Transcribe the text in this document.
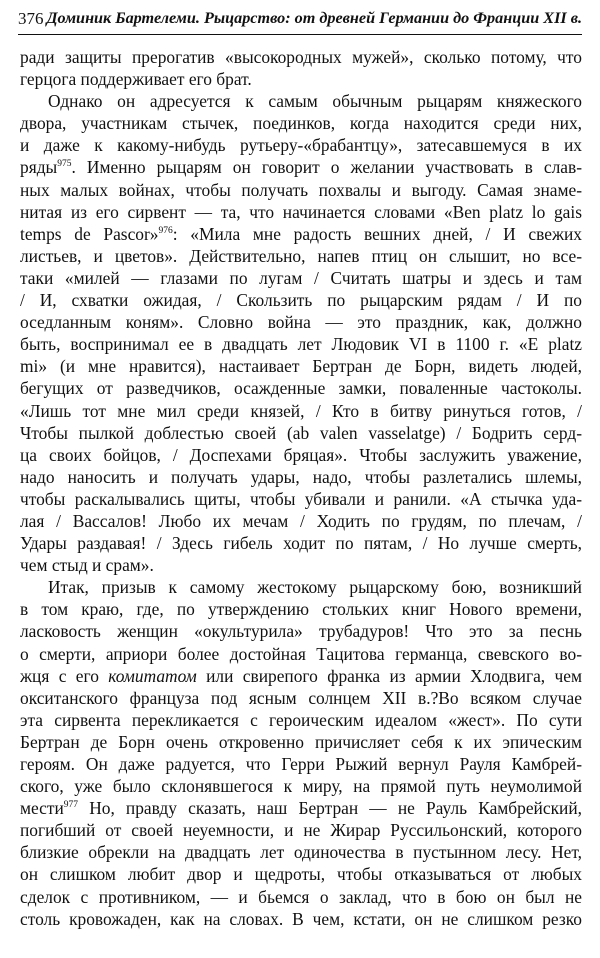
376 Доминик Бартелеми. Рыцарство: от древней Германии до Франции XII в.
ради защиты прерогатив «высокородных мужей», сколько потому, что
герцога поддерживает его брат.
Однако он адресуется к самым обычным рыцарям княжеского
двора, участникам стычек, поединков, когда находится среди них,
и даже к какому-нибудь рутьеру-«брабантцу», затесавшемуся в их
ряды$^{975}$. Именно рыцарям он говорит о желании участвовать в слав-
ных малых войнах, чтобы получать похвалы и выгоду. Самая знаме-
нитая из его сирвент — та, что начинается словами «Ben platz lo gais
temps de Pascor»$^{976}$: «Мила мне радость вешних дней, / И свежих
листьев, и цветов». Действительно, напев птиц он слышит, но все-
таки «милей — глазами по лугам / Считать шатры и здесь и там
/ И, схватки ожидая, / Скользить по рыцарским рядам / И по
оседланным коням». Словно война — это праздник, как, должно
быть, воспринимал ее в двадцать лет Людовик VI в 1100 г. «E platz
mi» (и мне нравится), настаивает Бертран де Борн, видеть людей,
бегущих от разведчиков, осажденные замки, поваленные частоколы.
«Лишь тот мне мил среди князей, / Кто в битву ринуться готов, /
Чтобы пылкой доблестью своей (ab valen vasselatge) / Бодрить серд-
ца своих бойцов, / Доспехами бряцая». Чтобы заслужить уважение,
надо наносить и получать удары, надо, чтобы разлетались шлемы,
чтобы раскалывались щиты, чтобы убивали и ранили. «А стычка уда-
лая / Вассалов! Любо их мечам / Ходить по грудям, по плечам, /
Удары раздавая! / Здесь гибель ходит по пятам, / Но лучше смерть,
чем стыд и срам».
Итак, призыв к самому жестокому рыцарскому бою, возникший
в том краю, где, по утверждению стольких книг Нового времени,
ласковость женщин «окультурила» трубадуров! Что это за песнь
о смерти, априори более достойная Тацитова германца, свевского во-
жця с его комитатом или свирепого франка из армии Хлодвига, чем
окситанского француза под ясным солнцем XII в.?Во всяком случае
эта сирвента перекликается с героическим идеалом «жест». По сути
Бертран де Борн очень откровенно причисляет себя к их эпическим
героям. Он даже радуется, что Герри Рыжий вернул Рауля Камбрей-
ского, уже было склонявшегося к миру, на прямой путь неумолимой
мести$^{977}$ Но, правду сказать, наш Бертран — не Рауль Камбрейский,
погибший от своей неуемности, и не Жирар Руссильонский, которого
близкие обрекли на двадцать лет одиночества в пустынном лесу. Нет,
он слишком любит двор и щедроты, чтобы отказываться от любых
сделок с противником, — и бьемся о заклад, что в бою он был не
столь кровожаден, как на словах. В чем, кстати, он не слишком резко
